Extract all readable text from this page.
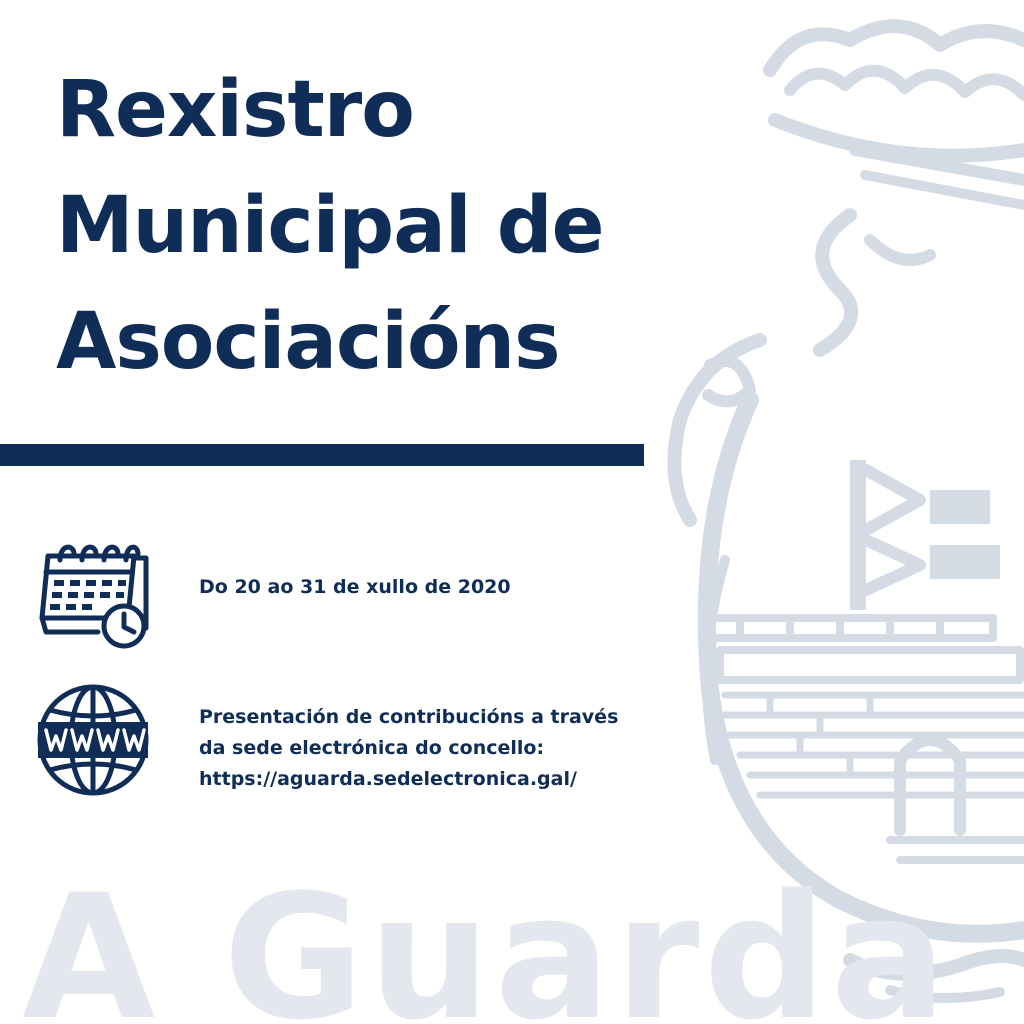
A Guarda
Rexistro
Municipal de
Asociacións
Do 20 ao 31 de xullo de 2020
Presentación de contribucións a través
da sede electrónica do concello:
https://aguarda.sedelectronica.gal/
